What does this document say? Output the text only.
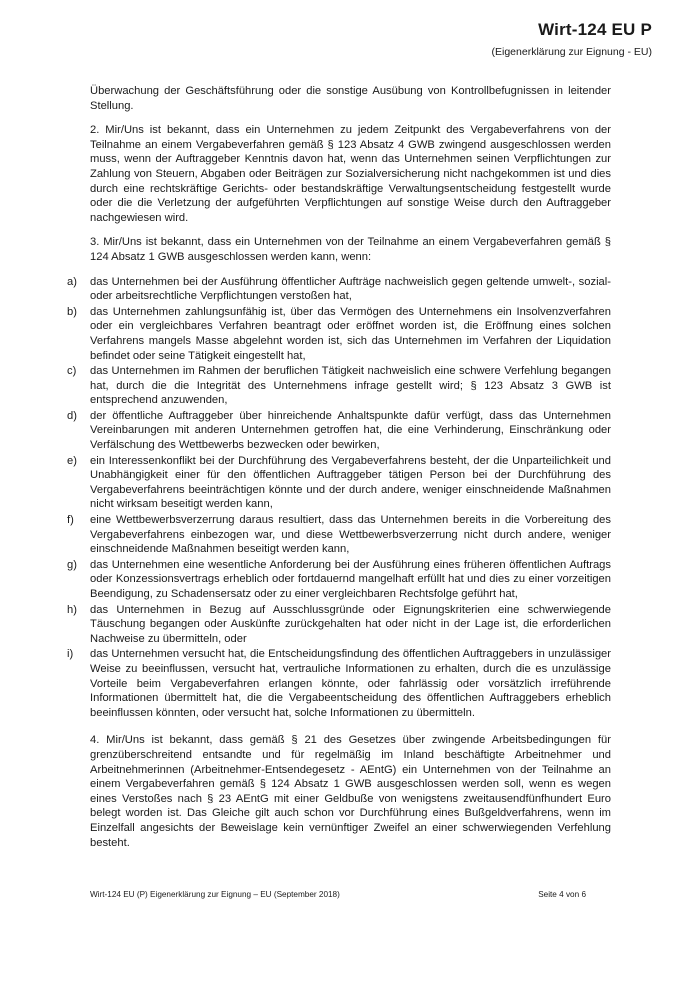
Wirt-124 EU P
(Eigenerklärung zur Eignung - EU)

Überwachung der Geschäftsführung oder die sonstige Ausübung von Kontrollbefugnissen in leitender Stellung.

2. Mir/Uns ist bekannt, dass ein Unternehmen zu jedem Zeitpunkt des Vergabeverfahrens von der Teilnahme an einem Vergabeverfahren gemäß § 123 Absatz 4 GWB zwingend ausgeschlossen werden muss, wenn der Auftraggeber Kenntnis davon hat, wenn das Unternehmen seinen Verpflichtungen zur Zahlung von Steuern, Abgaben oder Beiträgen zur Sozialversicherung nicht nachgekommen ist und dies durch eine rechtskräftige Gerichts- oder bestandskräftige Verwaltungsentscheidung festgestellt wurde oder die die Verletzung der aufgeführten Verpflichtungen auf sonstige Weise durch den Auftraggeber nachgewiesen wird.

3. Mir/Uns ist bekannt, dass ein Unternehmen von der Teilnahme an einem Vergabeverfahren gemäß § 124 Absatz 1 GWB ausgeschlossen werden kann, wenn:

a) das Unternehmen bei der Ausführung öffentlicher Aufträge nachweislich gegen geltende umwelt-, sozial- oder arbeitsrechtliche Verpflichtungen verstoßen hat,
b) das Unternehmen zahlungsunfähig ist, über das Vermögen des Unternehmens ein Insolvenzverfahren oder ein vergleichbares Verfahren beantragt oder eröffnet worden ist, die Eröffnung eines solchen Verfahrens mangels Masse abgelehnt worden ist, sich das Unternehmen im Verfahren der Liquidation befindet oder seine Tätigkeit eingestellt hat,
c) das Unternehmen im Rahmen der beruflichen Tätigkeit nachweislich eine schwere Verfehlung begangen hat, durch die die Integrität des Unternehmens infrage gestellt wird; § 123 Absatz 3 GWB ist entsprechend anzuwenden,
d) der öffentliche Auftraggeber über hinreichende Anhaltspunkte dafür verfügt, dass das Unternehmen Vereinbarungen mit anderen Unternehmen getroffen hat, die eine Verhinderung, Einschränkung oder Verfälschung des Wettbewerbs bezwecken oder bewirken,
e) ein Interessenkonflikt bei der Durchführung des Vergabeverfahrens besteht, der die Unparteilichkeit und Unabhängigkeit einer für den öffentlichen Auftraggeber tätigen Person bei der Durchführung des Vergabeverfahrens beeinträchtigen könnte und der durch andere, weniger einschneidende Maßnahmen nicht wirksam beseitigt werden kann,
f) eine Wettbewerbsverzerrung daraus resultiert, dass das Unternehmen bereits in die Vorbereitung des Vergabeverfahrens einbezogen war, und diese Wettbewerbsverzerrung nicht durch andere, weniger einschneidende Maßnahmen beseitigt werden kann,
g) das Unternehmen eine wesentliche Anforderung bei der Ausführung eines früheren öffentlichen Auftrags oder Konzessionsvertrags erheblich oder fortdauernd mangelhaft erfüllt hat und dies zu einer vorzeitigen Beendigung, zu Schadensersatz oder zu einer vergleichbaren Rechtsfolge geführt hat,
h) das Unternehmen in Bezug auf Ausschlussgründe oder Eignungskriterien eine schwerwiegende Täuschung begangen oder Auskünfte zurückgehalten hat oder nicht in der Lage ist, die erforderlichen Nachweise zu übermitteln, oder
i) das Unternehmen versucht hat, die Entscheidungsfindung des öffentlichen Auftraggebers in unzulässiger Weise zu beeinflussen, versucht hat, vertrauliche Informationen zu erhalten, durch die es unzulässige Vorteile beim Vergabeverfahren erlangen könnte, oder fahrlässig oder vorsätzlich irreführende Informationen übermittelt hat, die die Vergabeentscheidung des öffentlichen Auftraggebers erheblich beeinflussen könnten, oder versucht hat, solche Informationen zu übermitteln.

4. Mir/Uns ist bekannt, dass gemäß § 21 des Gesetzes über zwingende Arbeitsbedingungen für grenzüberschreitend entsandte und für regelmäßig im Inland beschäftigte Arbeitnehmer und Arbeitnehmerinnen (Arbeitnehmer-Entsendegesetz - AEntG) ein Unternehmen von der Teilnahme an einem Vergabeverfahren gemäß § 124 Absatz 1 GWB ausgeschlossen werden soll, wenn es wegen eines Verstoßes nach § 23 AEntG mit einer Geldbuße von wenigstens zweitausendfünfhundert Euro belegt worden ist. Das Gleiche gilt auch schon vor Durchführung eines Bußgeldverfahrens, wenn im Einzelfall angesichts der Beweislage kein vernünftiger Zweifel an einer schwerwiegenden Verfehlung besteht.

Wirt-124 EU (P) Eigenerklärung zur Eignung – EU (September 2018)	Seite 4 von 6
